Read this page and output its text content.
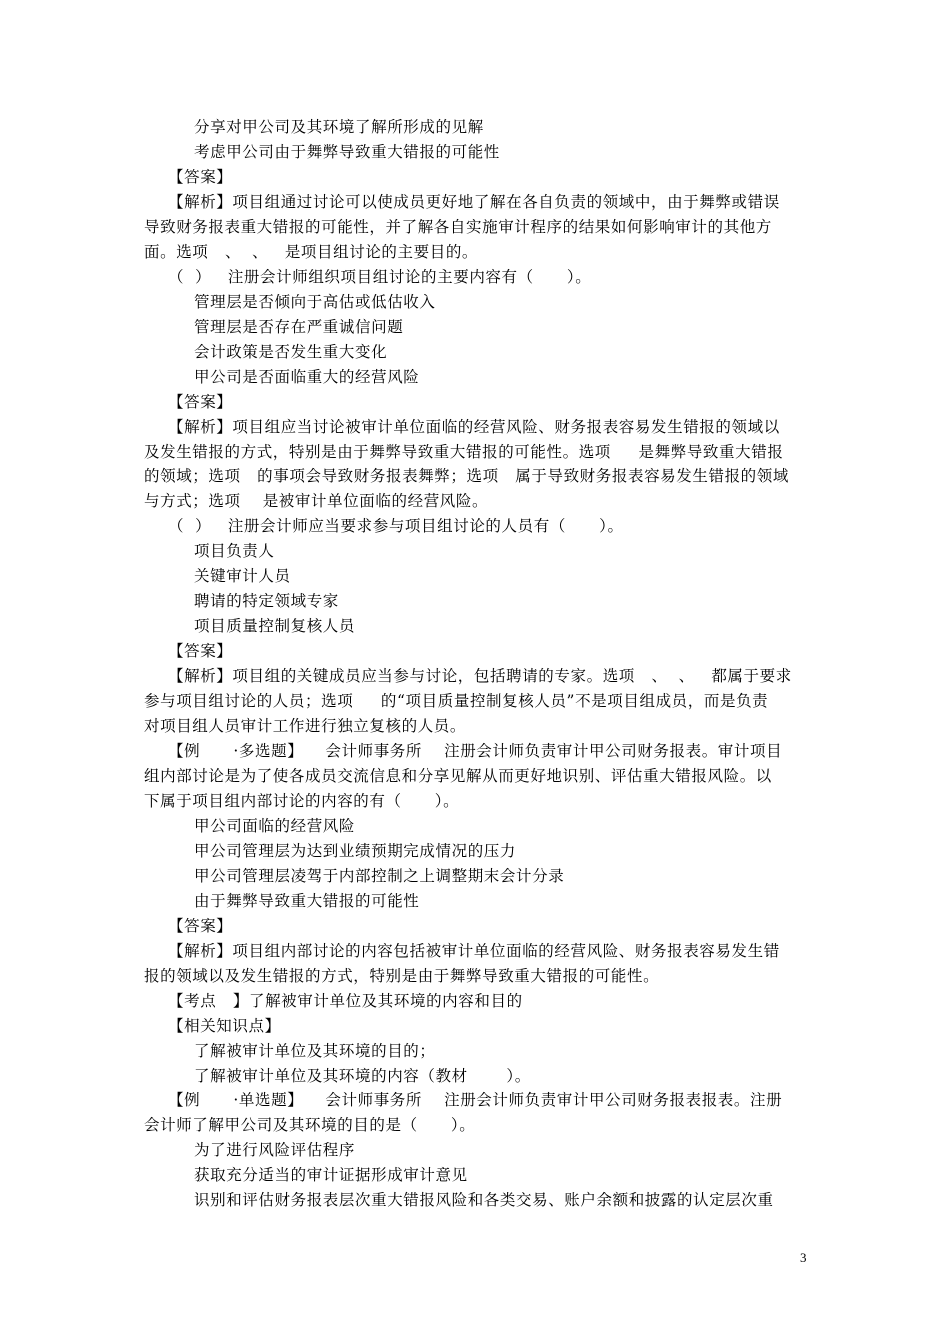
分享对甲公司及其环境了解所形成的见解
考虑甲公司由于舞弊导致重大错报的可能性
【答案】
【解析】项目组通过讨论可以使成员更好地了解在各自负责的领域中，由于舞弊或错误
导致财务报表重大错报的可能性，并了解各自实施审计程序的结果如何影响审计的其他方
面。选项   、  、   是项目组讨论的主要目的。
（  ）   注册会计师组织项目组讨论的主要内容有（      ）。
管理层是否倾向于高估或低估收入
管理层是否存在严重诚信问题
会计政策是否发生重大变化
甲公司是否面临重大的经营风险
【答案】
【解析】项目组应当讨论被审计单位面临的经营风险、财务报表容易发生错报的领域以
及发生错报的方式，特别是由于舞弊导致重大错报的可能性。选项     是舞弊导致重大错报
的领域；选项   的事项会导致财务报表舞弊；选项   属于导致财务报表容易发生错报的领域
与方式；选项    是被审计单位面临的经营风险。
（  ）   注册会计师应当要求参与项目组讨论的人员有（      ）。
项目负责人
关键审计人员
聘请的特定领域专家
项目质量控制复核人员
【答案】
【解析】项目组的关键成员应当参与讨论，包括聘请的专家。选项   、  、   都属于要求
参与项目组讨论的人员；选项     的“项目质量控制复核人员”不是项目组成员，而是负责
对项目组人员审计工作进行独立复核的人员。
【例      ·多选题】    会计师事务所    注册会计师负责审计甲公司财务报表。审计项目
组内部讨论是为了使各成员交流信息和分享见解从而更好地识别、评估重大错报风险。以
下属于项目组内部讨论的内容的有（      ）。
甲公司面临的经营风险
甲公司管理层为达到业绩预期完成情况的压力
甲公司管理层凌驾于内部控制之上调整期末会计分录
由于舞弊导致重大错报的可能性
【答案】
【解析】项目组内部讨论的内容包括被审计单位面临的经营风险、财务报表容易发生错
报的领域以及发生错报的方式，特别是由于舞弊导致重大错报的可能性。
【考点   】了解被审计单位及其环境的内容和目的
【相关知识点】
了解被审计单位及其环境的目的；
了解被审计单位及其环境的内容（教材       ）。
【例      ·单选题】    会计师事务所    注册会计师负责审计甲公司财务报表报表。注册
会计师了解甲公司及其环境的目的是（      ）。
为了进行风险评估程序
获取充分适当的审计证据形成审计意见
识别和评估财务报表层次重大错报风险和各类交易、账户余额和披露的认定层次重
3
